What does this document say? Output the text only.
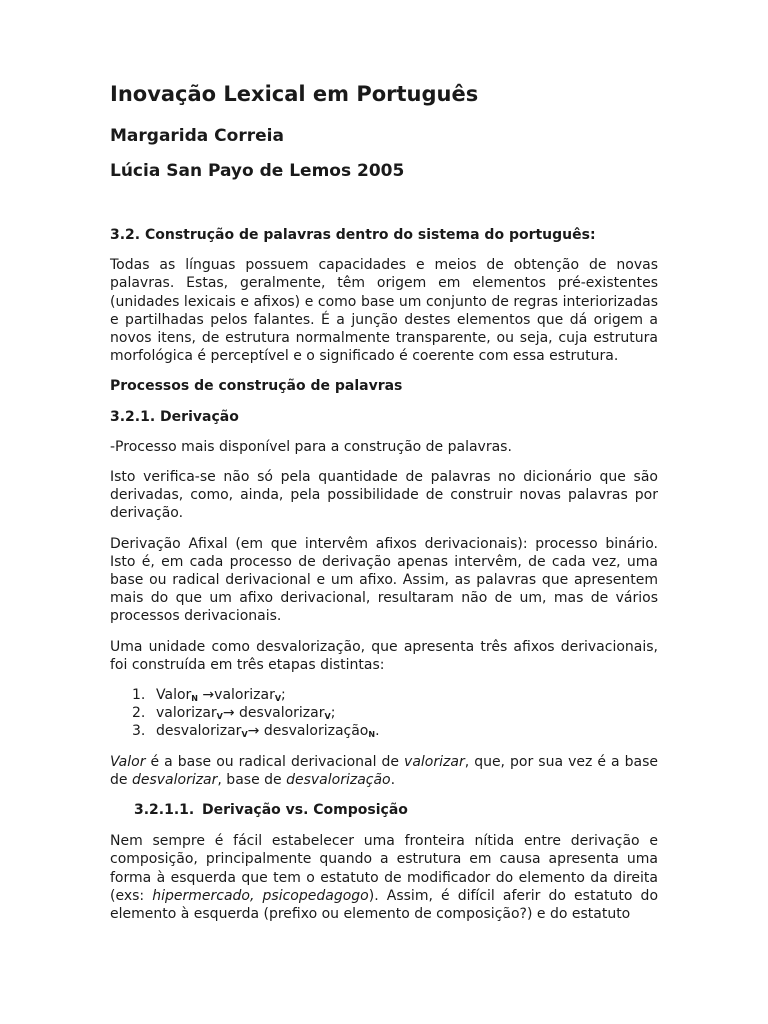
Inovação Lexical em Português
Margarida Correia
Lúcia San Payo de Lemos 2005
3.2. Construção de palavras dentro do sistema do português:

Todas as línguas possuem capacidades e meios de obtenção de novas palavras. Estas, geralmente, têm origem em elementos pré-existentes (unidades lexicais e afixos) e como base um conjunto de regras interiorizadas e partilhadas pelos falantes. É a junção destes elementos que dá origem a novos itens, de estrutura normalmente transparente, ou seja, cuja estrutura morfológica é perceptível e o significado é coerente com essa estrutura.

Processos de construção de palavras
3.2.1. Derivação

-Processo mais disponível para a construção de palavras.

Isto verifica-se não só pela quantidade de palavras no dicionário que são derivadas, como, ainda, pela possibilidade de construir novas palavras por derivação.

Derivação Afixal (em que intervêm afixos derivacionais): processo binário. Isto é, em cada processo de derivação apenas intervêm, de cada vez, uma base ou radical derivacional e um afixo. Assim, as palavras que apresentem mais do que um afixo derivacional, resultaram não de um, mas de vários processos derivacionais.

Uma unidade como desvalorização, que apresenta três afixos derivacionais, foi construída em três etapas distintas:

1. Valor$_N$ →valorizar$_V$;
2. valorizar$_V$→ desvalorizar$_V$;
3. desvalorizar$_V$→ desvalorização$_N$.

Valor é a base ou radical derivacional de valorizar, que, por sua vez é a base de desvalorizar, base de desvalorização.

3.2.1.1. Derivação vs. Composição

Nem sempre é fácil estabelecer uma fronteira nítida entre derivação e composição, principalmente quando a estrutura em causa apresenta uma forma à esquerda que tem o estatuto de modificador do elemento da direita (exs: hipermercado, psicopedagogo). Assim, é difícil aferir do estatuto do elemento à esquerda (prefixo ou elemento de composição?) e do estatuto
